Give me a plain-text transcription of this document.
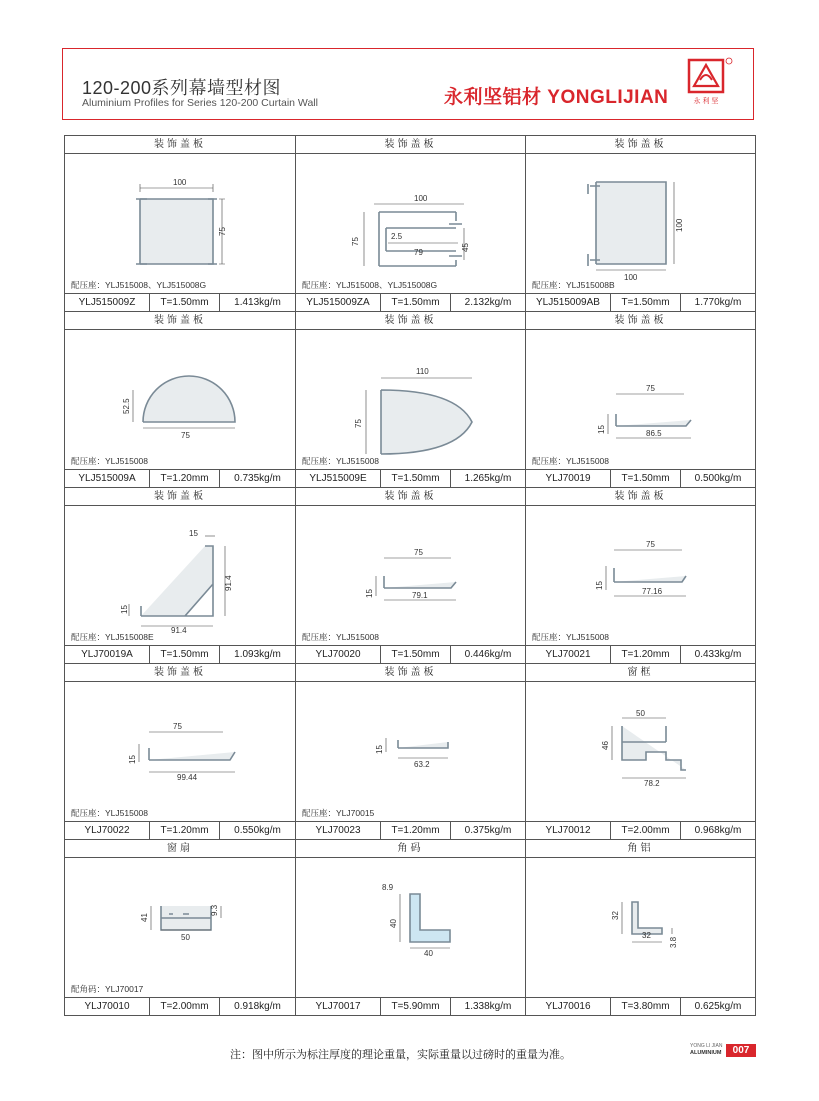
120-200系列幕墙型材图
Aluminium Profiles for Series 120-200 Curtain Wall	永利坚铝材 YONGLIJIAN	永 利 坚
装饰盖板
100
75
配压座：YLJ515008、YLJ515008G
YLJ515009Z	T=1.50mm	1.413kg/m
装饰盖板
100
75
2.5
79
45
配压座：YLJ515008、YLJ515008G
YLJ515009ZA	T=1.50mm	2.132kg/m
装饰盖板
100
100
配压座：YLJ515008B
YLJ515009AB	T=1.50mm	1.770kg/m
装饰盖板
52.5
75
配压座：YLJ515008
YLJ515009A	T=1.20mm	0.735kg/m
装饰盖板
110
75
配压座：YLJ515008
YLJ515009E	T=1.50mm	1.265kg/m
装饰盖板
75
15	86.5
配压座：YLJ515008
YLJ70019	T=1.50mm	0.500kg/m
装饰盖板
15
91.4
15
91.4
配压座：YLJ515008E
YLJ70019A	T=1.50mm	1.093kg/m
装饰盖板
75
15	79.1
配压座：YLJ515008
YLJ70020	T=1.50mm	0.446kg/m
装饰盖板
75
15
77.16
配压座：YLJ515008
YLJ70021	T=1.20mm	0.433kg/m
装饰盖板
75
15
99.44
配压座：YLJ515008
YLJ70022	T=1.20mm	0.550kg/m
装饰盖板
15
63.2
配压座：YLJ70015
YLJ70023	T=1.20mm	0.375kg/m
窗框
50
46
78.2
YLJ70012	T=2.00mm	0.968kg/m
窗扇
41
9.3
50
配角码：YLJ70017
YLJ70010	T=2.00mm	0.918kg/m
角码
8.9
40
40
YLJ70017	T=5.90mm	1.338kg/m
角铝
32
32
3.8
YLJ70016	T=3.80mm	0.625kg/m
注：图中所示为标注厚度的理论重量，实际重量以过磅时的重量为准。
YONG LI JIAN
ALUMINIUM	007
